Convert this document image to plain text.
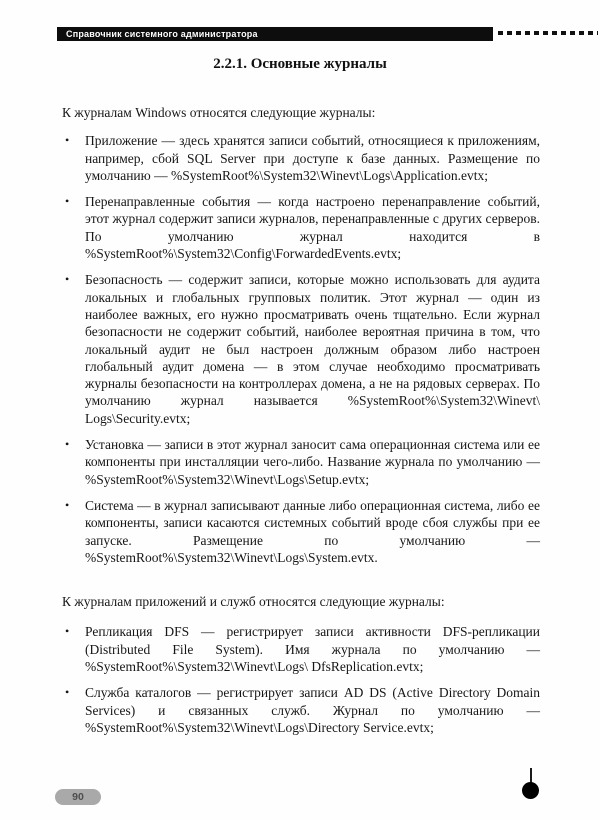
Справочник системного администратора
2.2.1. Основные журналы

К журналам Windows относятся следующие журналы:

•	Приложение — здесь хранятся записи событий, относящиеся к приложениям, например, сбой SQL Server при доступе к базе данных. Размещение по умолчанию — %SystemRoot%\System32\Winevt\Logs\Application.evtx;

•	Перенаправленные события — когда настроено перенаправление событий, этот журнал содержит записи журналов, перенаправленные с других серверов. По умолчанию журнал находится в %SystemRoot%\System32\Config\ForwardedEvents.evtx;

•	Безопасность — содержит записи, которые можно использовать для аудита локальных и глобальных групповых политик. Этот журнал — один из наиболее важных, его нужно просматривать очень тщательно. Если журнал безопасности не содержит событий, наиболее вероятная причина в том, что локальный аудит не был настроен должным образом либо настроен глобальный аудит домена — в этом случае необходимо просматривать журналы безопасности на контроллерах домена, а не на рядовых серверах. По умолчанию журнал называется %SystemRoot%\System32\Winevt\ Logs\Security.evtx;

•	Установка — записи в этот журнал заносит сама операционная система или ее компоненты при инсталляции чего-либо. Название журнала по умолчанию — %SystemRoot%\System32\Winevt\Logs\Setup.evtx;

•	Система — в журнал записывают данные либо операционная система, либо ее компоненты, записи касаются системных событий вроде сбоя службы при ее запуске. Размещение по умолчанию — %SystemRoot%\System32\Winevt\Logs\System.evtx.

К журналам приложений и служб относятся следующие журналы:

•	Репликация DFS — регистрирует записи активности DFS-репликации (Distributed File System). Имя журнала по умолчанию — %SystemRoot%\System32\Winevt\Logs\ DfsReplication.evtx;

•	Служба каталогов — регистрирует записи AD DS (Active Directory Domain Services) и связанных служб. Журнал по умолчанию — %SystemRoot%\System32\Winevt\Logs\Directory Service.evtx;

90
